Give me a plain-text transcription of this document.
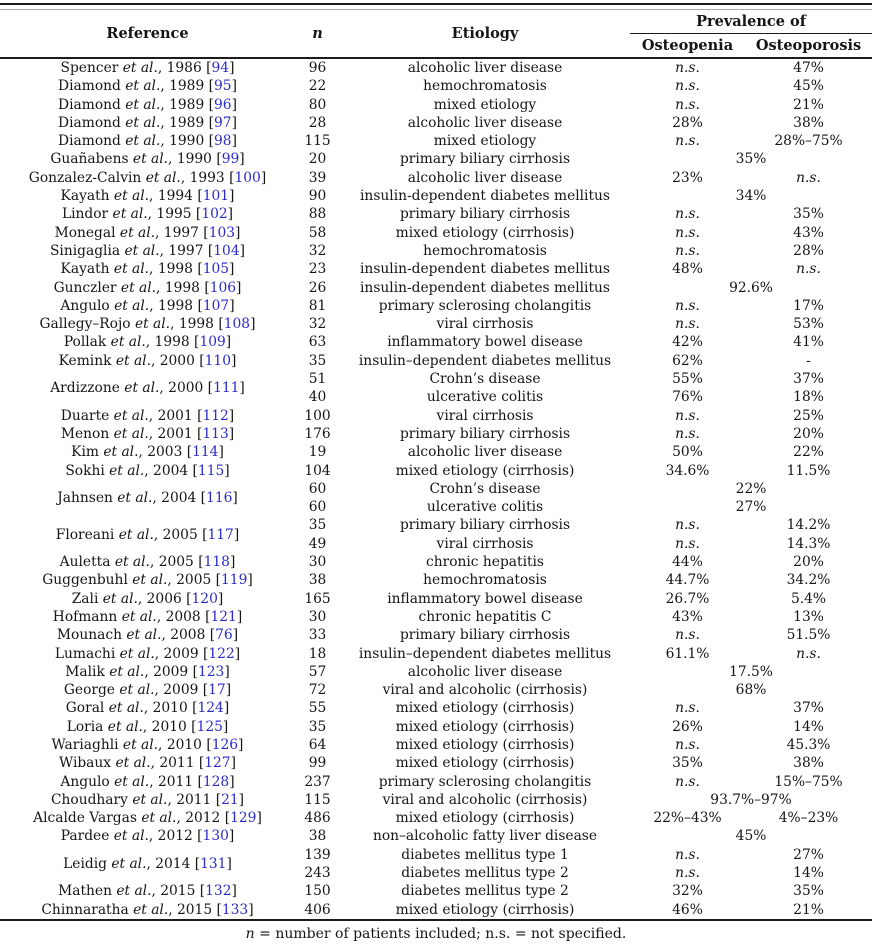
Reference	n	Etiology	Prevalence of	
			Osteopenia	Osteoporosis
Spencer et al., 1986 [94]	96	alcoholic liver disease	n.s.	47%
Diamond et al., 1989 [95]	22	hemochromatosis	n.s.	45%
Diamond et al., 1989 [96]	80	mixed etiology	n.s.	21%
Diamond et al., 1989 [97]	28	alcoholic liver disease	28%	38%
Diamond et al., 1990 [98]	115	mixed etiology	n.s.	28%–75%
Guañabens et al., 1990 [99]	20	primary biliary cirrhosis	35%	
Gonzalez-Calvin et al., 1993 [100]	39	alcoholic liver disease	23%	n.s.
Kayath et al., 1994 [101]	90	insulin-dependent diabetes mellitus	34%	
Lindor et al., 1995 [102]	88	primary biliary cirrhosis	n.s.	35%
Monegal et al., 1997 [103]	58	mixed etiology (cirrhosis)	n.s.	43%
Sinigaglia et al., 1997 [104]	32	hemochromatosis	n.s.	28%
Kayath et al., 1998 [105]	23	insulin-dependent diabetes mellitus	48%	n.s.
Gunczler et al., 1998 [106]	26	insulin-dependent diabetes mellitus	92.6%	
Angulo et al., 1998 [107]	81	primary sclerosing cholangitis	n.s.	17%
Gallegy–Rojo et al., 1998 [108]	32	viral cirrhosis	n.s.	53%
Pollak et al., 1998 [109]	63	inflammatory bowel disease	42%	41%
Kemink et al., 2000 [110]	35	insulin–dependent diabetes mellitus	62%	-
Ardizzone et al., 2000 [111]	51	Crohn’s disease	55%	37%
	40	ulcerative colitis	76%	18%
Duarte et al., 2001 [112]	100	viral cirrhosis	n.s.	25%
Menon et al., 2001 [113]	176	primary biliary cirrhosis	n.s.	20%
Kim et al., 2003 [114]	19	alcoholic liver disease	50%	22%
Sokhi et al., 2004 [115]	104	mixed etiology (cirrhosis)	34.6%	11.5%
Jahnsen et al., 2004 [116]	60	Crohn’s disease	22%	
	60	ulcerative colitis	27%	
Floreani et al., 2005 [117]	35	primary biliary cirrhosis	n.s.	14.2%
	49	viral cirrhosis	n.s.	14.3%
Auletta et al., 2005 [118]	30	chronic hepatitis	44%	20%
Guggenbuhl et al., 2005 [119]	38	hemochromatosis	44.7%	34.2%
Zali et al., 2006 [120]	165	inflammatory bowel disease	26.7%	5.4%
Hofmann et al., 2008 [121]	30	chronic hepatitis C	43%	13%
Mounach et al., 2008 [76]	33	primary biliary cirrhosis	n.s.	51.5%
Lumachi et al., 2009 [122]	18	insulin–dependent diabetes mellitus	61.1%	n.s.
Malik et al., 2009 [123]	57	alcoholic liver disease	17.5%	
George et al., 2009 [17]	72	viral and alcoholic (cirrhosis)	68%	
Goral et al., 2010 [124]	55	mixed etiology (cirrhosis)	n.s.	37%
Loria et al., 2010 [125]	35	mixed etiology (cirrhosis)	26%	14%
Wariaghli et al., 2010 [126]	64	mixed etiology (cirrhosis)	n.s.	45.3%
Wibaux et al., 2011 [127]	99	mixed etiology (cirrhosis)	35%	38%
Angulo et al., 2011 [128]	237	primary sclerosing cholangitis	n.s.	15%–75%
Choudhary et al., 2011 [21]	115	viral and alcoholic (cirrhosis)	93.7%–97%	
Alcalde Vargas et al., 2012 [129]	486	mixed etiology (cirrhosis)	22%–43%	4%–23%
Pardee et al., 2012 [130]	38	non–alcoholic fatty liver disease	45%	
Leidig et al., 2014 [131]	139	diabetes mellitus type 1	n.s.	27%
	243	diabetes mellitus type 2	n.s.	14%
Mathen et al., 2015 [132]	150	diabetes mellitus type 2	32%	35%
Chinnaratha et al., 2015 [133]	406	mixed etiology (cirrhosis)	46%	21%
n = number of patients included; n.s. = not specified.
